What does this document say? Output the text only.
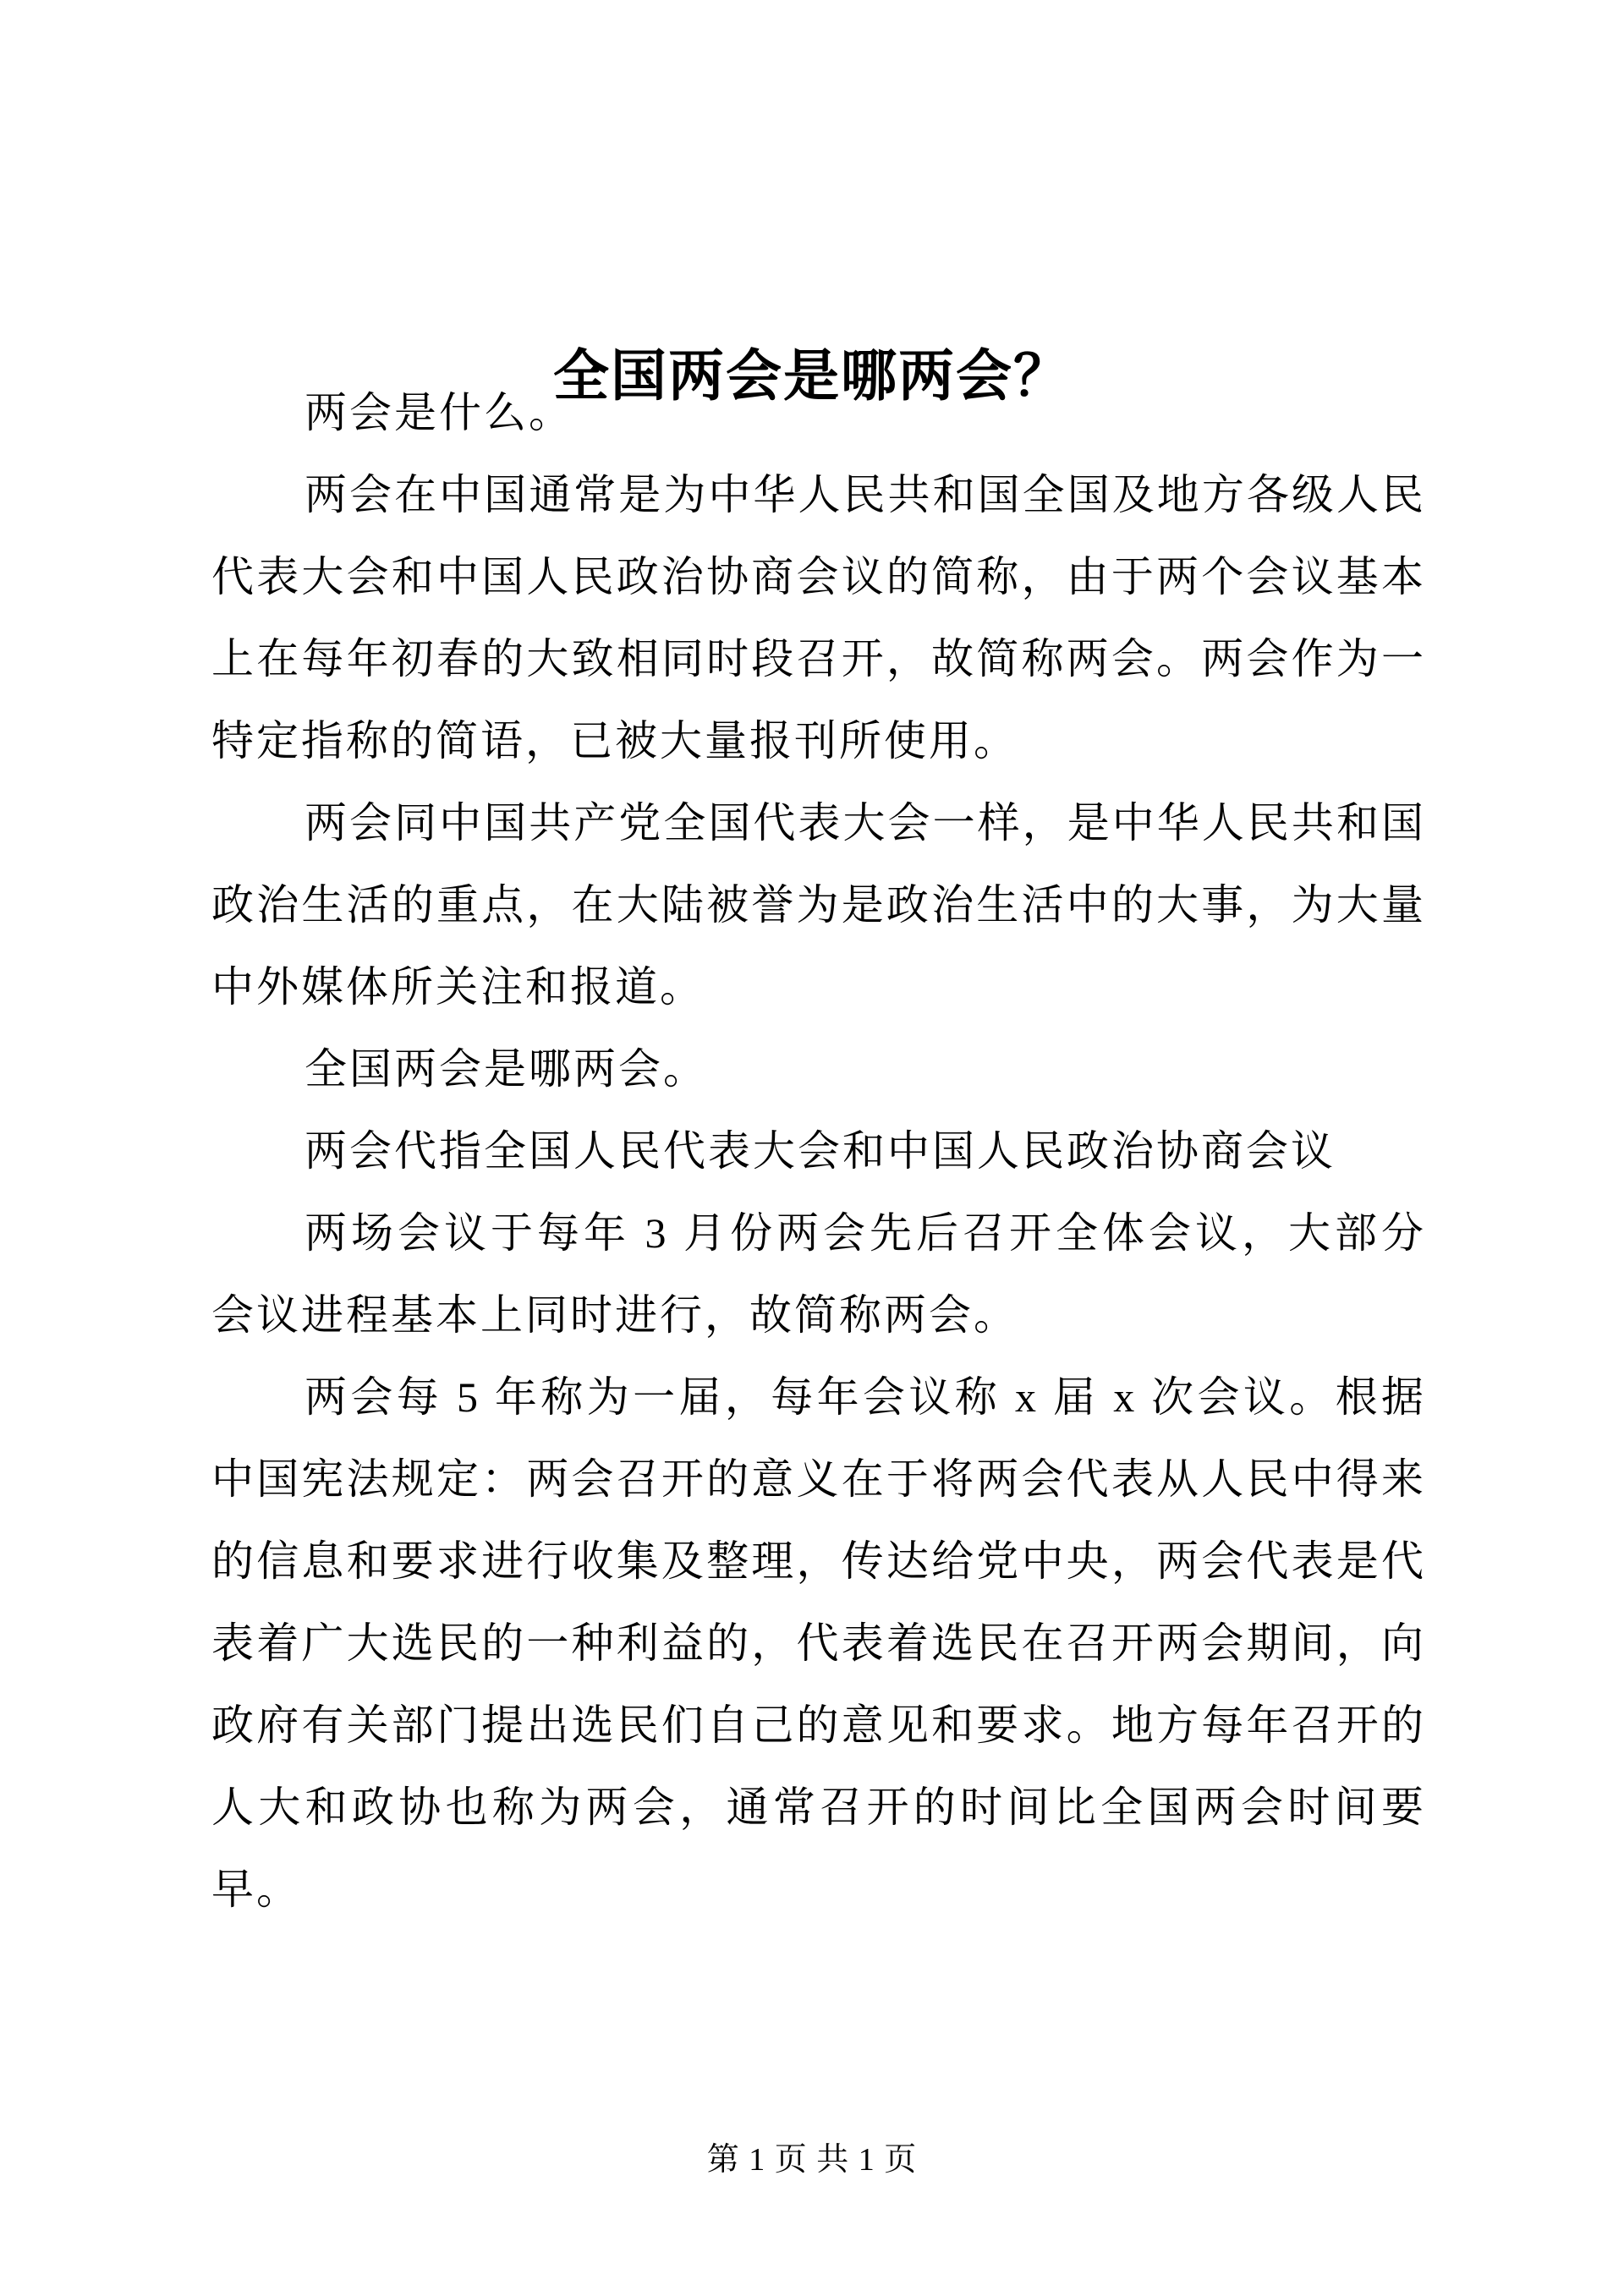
全国两会是哪两会？

两会是什么。

两会在中国通常是为中华人民共和国全国及地方各级人民代表大会和中国人民政治协商会议的简称，由于两个会议基本上在每年初春的大致相同时段召开，故简称两会。两会作为一特定指称的简语，已被大量报刊所使用。

两会同中国共产党全国代表大会一样，是中华人民共和国政治生活的重点，在大陆被誉为是政治生活中的大事，为大量中外媒体所关注和报道。

全国两会是哪两会。

两会代指全国人民代表大会和中国人民政治协商会议

两场会议于每年 3 月份两会先后召开全体会议，大部分会议进程基本上同时进行，故简称两会。

两会每 5 年称为一届，每年会议称 x 届 x 次会议。根据中国宪法规定：两会召开的意义在于将两会代表从人民中得来的信息和要求进行收集及整理，传达给党中央，两会代表是代表着广大选民的一种利益的，代表着选民在召开两会期间，向政府有关部门提出选民们自己的意见和要求。地方每年召开的人大和政协也称为两会，通常召开的时间比全国两会时间要早。

第 1 页 共 1 页
